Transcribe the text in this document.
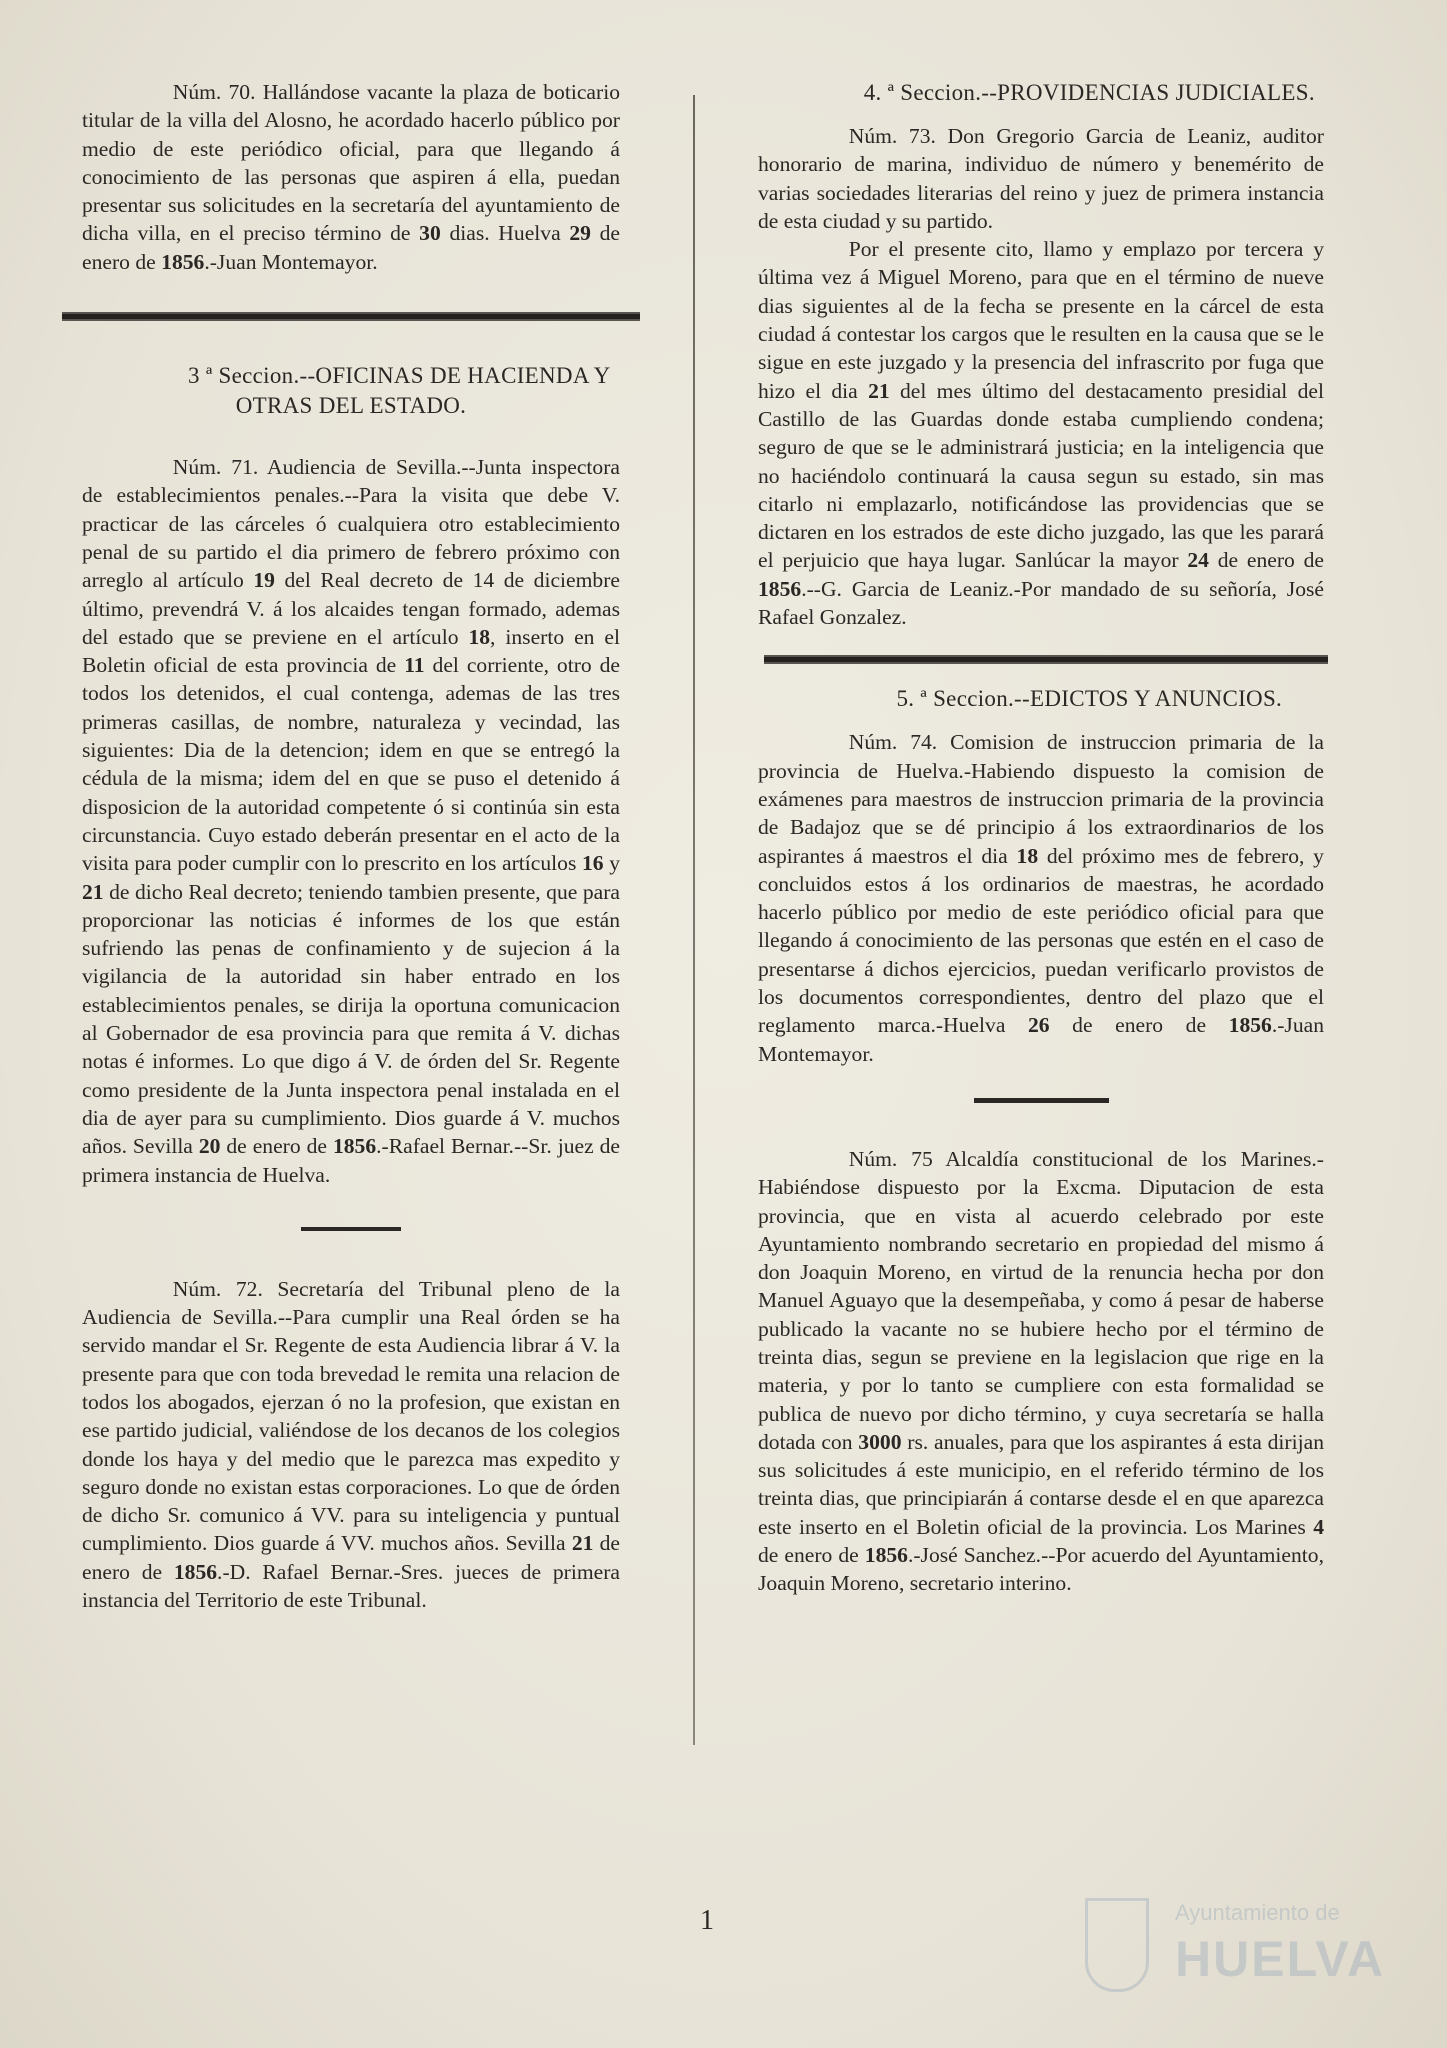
Núm. 70. Hallándose vacante la plaza de boticario titular de la villa del Alosno, he acordado hacerlo público por medio de este periódico oficial, para que llegando á conocimiento de las personas que aspiren á ella, puedan presentar sus solicitudes en la secretaría del ayuntamiento de dicha villa, en el preciso término de 30 dias. Huelva 29 de enero de 1856.-Juan Montemayor.

3 ª Seccion.--OFICINAS DE HACIENDA Y
OTRAS DEL ESTADO.

Núm. 71. Audiencia de Sevilla.--Junta inspectora de establecimientos penales.--Para la visita que debe V. practicar de las cárceles ó cualquiera otro establecimiento penal de su partido el dia primero de febrero próximo con arreglo al artículo 19 del Real decreto de 14 de diciembre último, prevendrá V. á los alcaides tengan formado, ademas del estado que se previene en el artículo 18, inserto en el Boletin oficial de esta provincia de 11 del corriente, otro de todos los detenidos, el cual contenga, ademas de las tres primeras casillas, de nombre, naturaleza y vecindad, las siguientes: Dia de la detencion; idem en que se entregó la cédula de la misma; idem del en que se puso el detenido á disposicion de la autoridad competente ó si continúa sin esta circunstancia. Cuyo estado deberán presentar en el acto de la visita para poder cumplir con lo prescrito en los artículos 16 y 21 de dicho Real decreto; teniendo tambien presente, que para proporcionar las noticias é informes de los que están sufriendo las penas de confinamiento y de sujecion á la vigilancia de la autoridad sin haber entrado en los establecimientos penales, se dirija la oportuna comunicacion al Gobernador de esa provincia para que remita á V. dichas notas é informes. Lo que digo á V. de órden del Sr. Regente como presidente de la Junta inspectora penal instalada en el dia de ayer para su cumplimiento. Dios guarde á V. muchos años. Sevilla 20 de enero de 1856.-Rafael Bernar.--Sr. juez de primera instancia de Huelva.

Núm. 72. Secretaría del Tribunal pleno de la Audiencia de Sevilla.--Para cumplir una Real órden se ha servido mandar el Sr. Regente de esta Audiencia librar á V. la presente para que con toda brevedad le remita una relacion de todos los abogados, ejerzan ó no la profesion, que existan en ese partido judicial, valiéndose de los decanos de los colegios donde los haya y del medio que le parezca mas expedito y seguro donde no existan estas corporaciones. Lo que de órden de dicho Sr. comunico á VV. para su inteligencia y puntual cumplimiento. Dios guarde á VV. muchos años. Sevilla 21 de enero de 1856.-D. Rafael Bernar.-Sres. jueces de primera instancia del Territorio de este Tribunal.

4. ª Seccion.--PROVIDENCIAS JUDICIALES.

Núm. 73. Don Gregorio Garcia de Leaniz, auditor honorario de marina, individuo de número y benemérito de varias sociedades literarias del reino y juez de primera instancia de esta ciudad y su partido.

Por el presente cito, llamo y emplazo por tercera y última vez á Miguel Moreno, para que en el término de nueve dias siguientes al de la fecha se presente en la cárcel de esta ciudad á contestar los cargos que le resulten en la causa que se le sigue en este juzgado y la presencia del infrascrito por fuga que hizo el dia 21 del mes último del destacamento presidial del Castillo de las Guardas donde estaba cumpliendo condena; seguro de que se le administrará justicia; en la inteligencia que no haciéndolo continuará la causa segun su estado, sin mas citarlo ni emplazarlo, notificándose las providencias que se dictaren en los estrados de este dicho juzgado, las que les parará el perjuicio que haya lugar. Sanlúcar la mayor 24 de enero de 1856.--G. Garcia de Leaniz.-Por mandado de su señoría, José Rafael Gonzalez.

5. ª Seccion.--EDICTOS Y ANUNCIOS.

Núm. 74. Comision de instruccion primaria de la provincia de Huelva.-Habiendo dispuesto la comision de exámenes para maestros de instruccion primaria de la provincia de Badajoz que se dé principio á los extraordinarios de los aspirantes á maestros el dia 18 del próximo mes de febrero, y concluidos estos á los ordinarios de maestras, he acordado hacerlo público por medio de este periódico oficial para que llegando á conocimiento de las personas que estén en el caso de presentarse á dichos ejercicios, puedan verificarlo provistos de los documentos correspondientes, dentro del plazo que el reglamento marca.-Huelva 26 de enero de 1856.-Juan Montemayor.

Núm. 75 Alcaldía constitucional de los Marines.-Habiéndose dispuesto por la Excma. Diputacion de esta provincia, que en vista al acuerdo celebrado por este Ayuntamiento nombrando secretario en propiedad del mismo á don Joaquin Moreno, en virtud de la renuncia hecha por don Manuel Aguayo que la desempeñaba, y como á pesar de haberse publicado la vacante no se hubiere hecho por el término de treinta dias, segun se previene en la legislacion que rige en la materia, y por lo tanto se cumpliere con esta formalidad se publica de nuevo por dicho término, y cuya secretaría se halla dotada con 3000 rs. anuales, para que los aspirantes á esta dirijan sus solicitudes á este municipio, en el referido término de los treinta dias, que principiarán á contarse desde el en que aparezca este inserto en el Boletin oficial de la provincia. Los Marines 4 de enero de 1856.-José Sanchez.--Por acuerdo del Ayuntamiento, Joaquin Moreno, secretario interino.

1	Ayuntamiento de
HUELVA
